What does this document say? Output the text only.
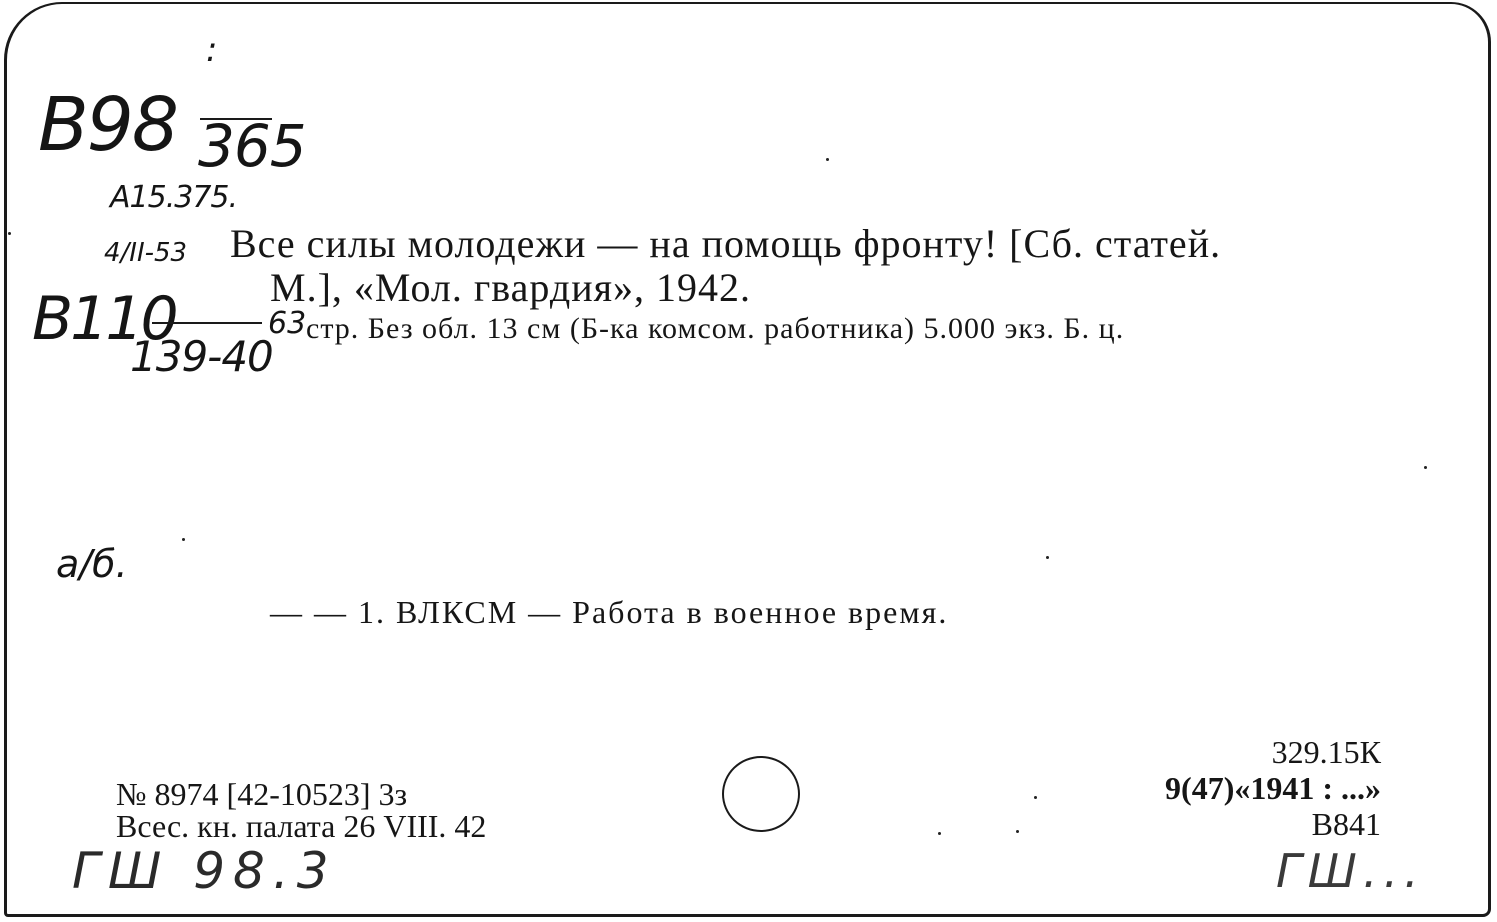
В98
:
365
А15.375.
4/II-53
В110
139-40
63
Все силы молодежи — на помощь фронту! [Сб. статей.
М.], «Мол. гвардия», 1942.
стр. Без обл. 13 см (Б-ка комсом. работника) 5.000 экз. Б. ц.
а/б.
— — 1. ВЛКСМ — Работа в военное время.
№ 8974 [42-10523] 3з
Всес. кн. палата 26 VIII. 42
329.15К
9(47)«1941 : ...»
В841
ГШ 98.3	ГШ...
